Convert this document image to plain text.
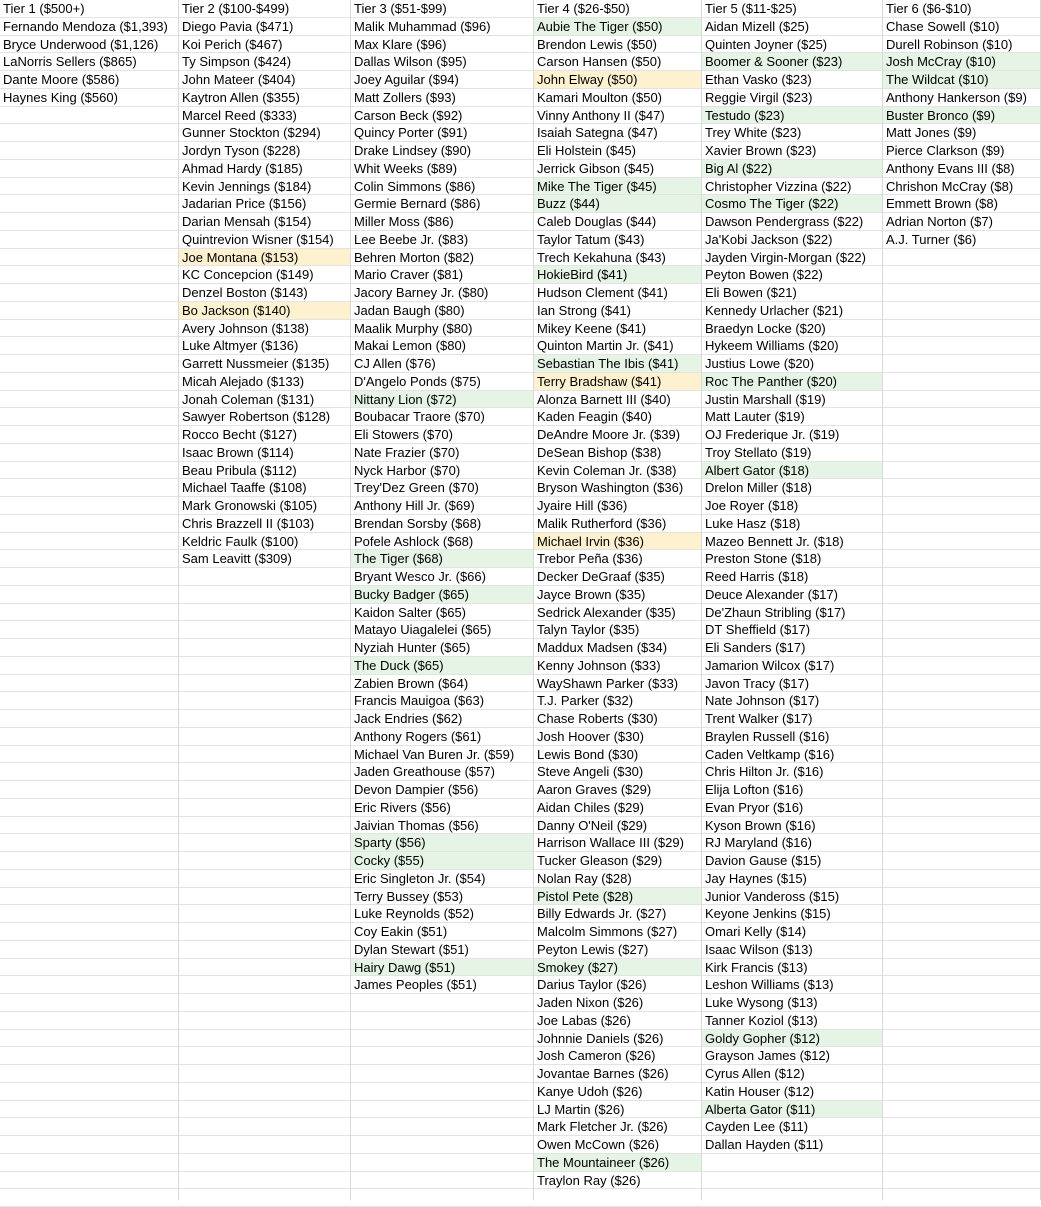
Tier 1 ($500+)
Fernando Mendoza ($1,393)
Bryce Underwood ($1,126)
LaNorris Sellers ($865)
Dante Moore ($586)
Haynes King ($560)
Tier 2 ($100-$499)
Diego Pavia ($471)
Koi Perich ($467)
Ty Simpson ($424)
John Mateer ($404)
Kaytron Allen ($355)
Marcel Reed ($333)
Gunner Stockton ($294)
Jordyn Tyson ($228)
Ahmad Hardy ($185)
Kevin Jennings ($184)
Jadarian Price ($156)
Darian Mensah ($154)
Quintrevion Wisner ($154)
Joe Montana ($153)
KC Concepcion ($149)
Denzel Boston ($143)
Bo Jackson ($140)
Avery Johnson ($138)
Luke Altmyer ($136)
Garrett Nussmeier ($135)
Micah Alejado ($133)
Jonah Coleman ($131)
Sawyer Robertson ($128)
Rocco Becht ($127)
Isaac Brown ($114)
Beau Pribula ($112)
Michael Taaffe ($108)
Mark Gronowski ($105)
Chris Brazzell II ($103)
Keldric Faulk ($100)
Sam Leavitt ($309)
Tier 3 ($51-$99)
Malik Muhammad ($96)
Max Klare ($96)
Dallas Wilson ($95)
Joey Aguilar ($94)
Matt Zollers ($93)
Carson Beck ($92)
Quincy Porter ($91)
Drake Lindsey ($90)
Whit Weeks ($89)
Colin Simmons ($86)
Germie Bernard ($86)
Miller Moss ($86)
Lee Beebe Jr. ($83)
Behren Morton ($82)
Mario Craver ($81)
Jacory Barney Jr. ($80)
Jadan Baugh ($80)
Maalik Murphy ($80)
Makai Lemon ($80)
CJ Allen ($76)
D'Angelo Ponds ($75)
Nittany Lion ($72)
Boubacar Traore ($70)
Eli Stowers ($70)
Nate Frazier ($70)
Nyck Harbor ($70)
Trey'Dez Green ($70)
Anthony Hill Jr. ($69)
Brendan Sorsby ($68)
Pofele Ashlock ($68)
The Tiger ($68)
Bryant Wesco Jr. ($66)
Bucky Badger ($65)
Kaidon Salter ($65)
Matayo Uiagalelei ($65)
Nyziah Hunter ($65)
The Duck ($65)
Zabien Brown ($64)
Francis Mauigoa ($63)
Jack Endries ($62)
Anthony Rogers ($61)
Michael Van Buren Jr. ($59)
Jaden Greathouse ($57)
Devon Dampier ($56)
Eric Rivers ($56)
Jaivian Thomas ($56)
Sparty ($56)
Cocky ($55)
Eric Singleton Jr. ($54)
Terry Bussey ($53)
Luke Reynolds ($52)
Coy Eakin ($51)
Dylan Stewart ($51)
Hairy Dawg ($51)
James Peoples ($51)
Tier 4 ($26-$50)
Aubie The Tiger ($50)
Brendon Lewis ($50)
Carson Hansen ($50)
John Elway ($50)
Kamari Moulton ($50)
Vinny Anthony II ($47)
Isaiah Sategna ($47)
Eli Holstein ($45)
Jerrick Gibson ($45)
Mike The Tiger ($45)
Buzz ($44)
Caleb Douglas ($44)
Taylor Tatum ($43)
Trech Kekahuna ($43)
HokieBird ($41)
Hudson Clement ($41)
Ian Strong ($41)
Mikey Keene ($41)
Quinton Martin Jr. ($41)
Sebastian The Ibis ($41)
Terry Bradshaw ($41)
Alonza Barnett III ($40)
Kaden Feagin ($40)
DeAndre Moore Jr. ($39)
DeSean Bishop ($38)
Kevin Coleman Jr. ($38)
Bryson Washington ($36)
Jyaire Hill ($36)
Malik Rutherford ($36)
Michael Irvin ($36)
Trebor Peña ($36)
Decker DeGraaf ($35)
Jayce Brown ($35)
Sedrick Alexander ($35)
Talyn Taylor ($35)
Maddux Madsen ($34)
Kenny Johnson ($33)
WayShawn Parker ($33)
T.J. Parker ($32)
Chase Roberts ($30)
Josh Hoover ($30)
Lewis Bond ($30)
Steve Angeli ($30)
Aaron Graves ($29)
Aidan Chiles ($29)
Danny O'Neil ($29)
Harrison Wallace III ($29)
Tucker Gleason ($29)
Nolan Ray ($28)
Pistol Pete ($28)
Billy Edwards Jr. ($27)
Malcolm Simmons ($27)
Peyton Lewis ($27)
Smokey ($27)
Darius Taylor ($26)
Jaden Nixon ($26)
Joe Labas ($26)
Johnnie Daniels ($26)
Josh Cameron ($26)
Jovantae Barnes ($26)
Kanye Udoh ($26)
LJ Martin ($26)
Mark Fletcher Jr. ($26)
Owen McCown ($26)
The Mountaineer ($26)
Traylon Ray ($26)
Tier 5 ($11-$25)
Aidan Mizell ($25)
Quinten Joyner ($25)
Boomer & Sooner ($23)
Ethan Vasko ($23)
Reggie Virgil ($23)
Testudo ($23)
Trey White ($23)
Xavier Brown ($23)
Big Al ($22)
Christopher Vizzina ($22)
Cosmo The Tiger ($22)
Dawson Pendergrass ($22)
Ja'Kobi Jackson ($22)
Jayden Virgin-Morgan ($22)
Peyton Bowen ($22)
Eli Bowen ($21)
Kennedy Urlacher ($21)
Braedyn Locke ($20)
Hykeem Williams ($20)
Justius Lowe ($20)
Roc The Panther ($20)
Justin Marshall ($19)
Matt Lauter ($19)
OJ Frederique Jr. ($19)
Troy Stellato ($19)
Albert Gator ($18)
Drelon Miller ($18)
Joe Royer ($18)
Luke Hasz ($18)
Mazeo Bennett Jr. ($18)
Preston Stone ($18)
Reed Harris ($18)
Deuce Alexander ($17)
De'Zhaun Stribling ($17)
DT Sheffield ($17)
Eli Sanders ($17)
Jamarion Wilcox ($17)
Javon Tracy ($17)
Nate Johnson ($17)
Trent Walker ($17)
Braylen Russell ($16)
Caden Veltkamp ($16)
Chris Hilton Jr. ($16)
Elija Lofton ($16)
Evan Pryor ($16)
Kyson Brown ($16)
RJ Maryland ($16)
Davion Gause ($15)
Jay Haynes ($15)
Junior Vandeross ($15)
Keyone Jenkins ($15)
Omari Kelly ($14)
Isaac Wilson ($13)
Kirk Francis ($13)
Leshon Williams ($13)
Luke Wysong ($13)
Tanner Koziol ($13)
Goldy Gopher ($12)
Grayson James ($12)
Cyrus Allen ($12)
Katin Houser ($12)
Alberta Gator ($11)
Cayden Lee ($11)
Dallan Hayden ($11)
Tier 6 ($6-$10)
Chase Sowell ($10)
Durell Robinson ($10)
Josh McCray ($10)
The Wildcat ($10)
Anthony Hankerson ($9)
Buster Bronco ($9)
Matt Jones ($9)
Pierce Clarkson ($9)
Anthony Evans III ($8)
Chrishon McCray ($8)
Emmett Brown ($8)
Adrian Norton ($7)
A.J. Turner ($6)
